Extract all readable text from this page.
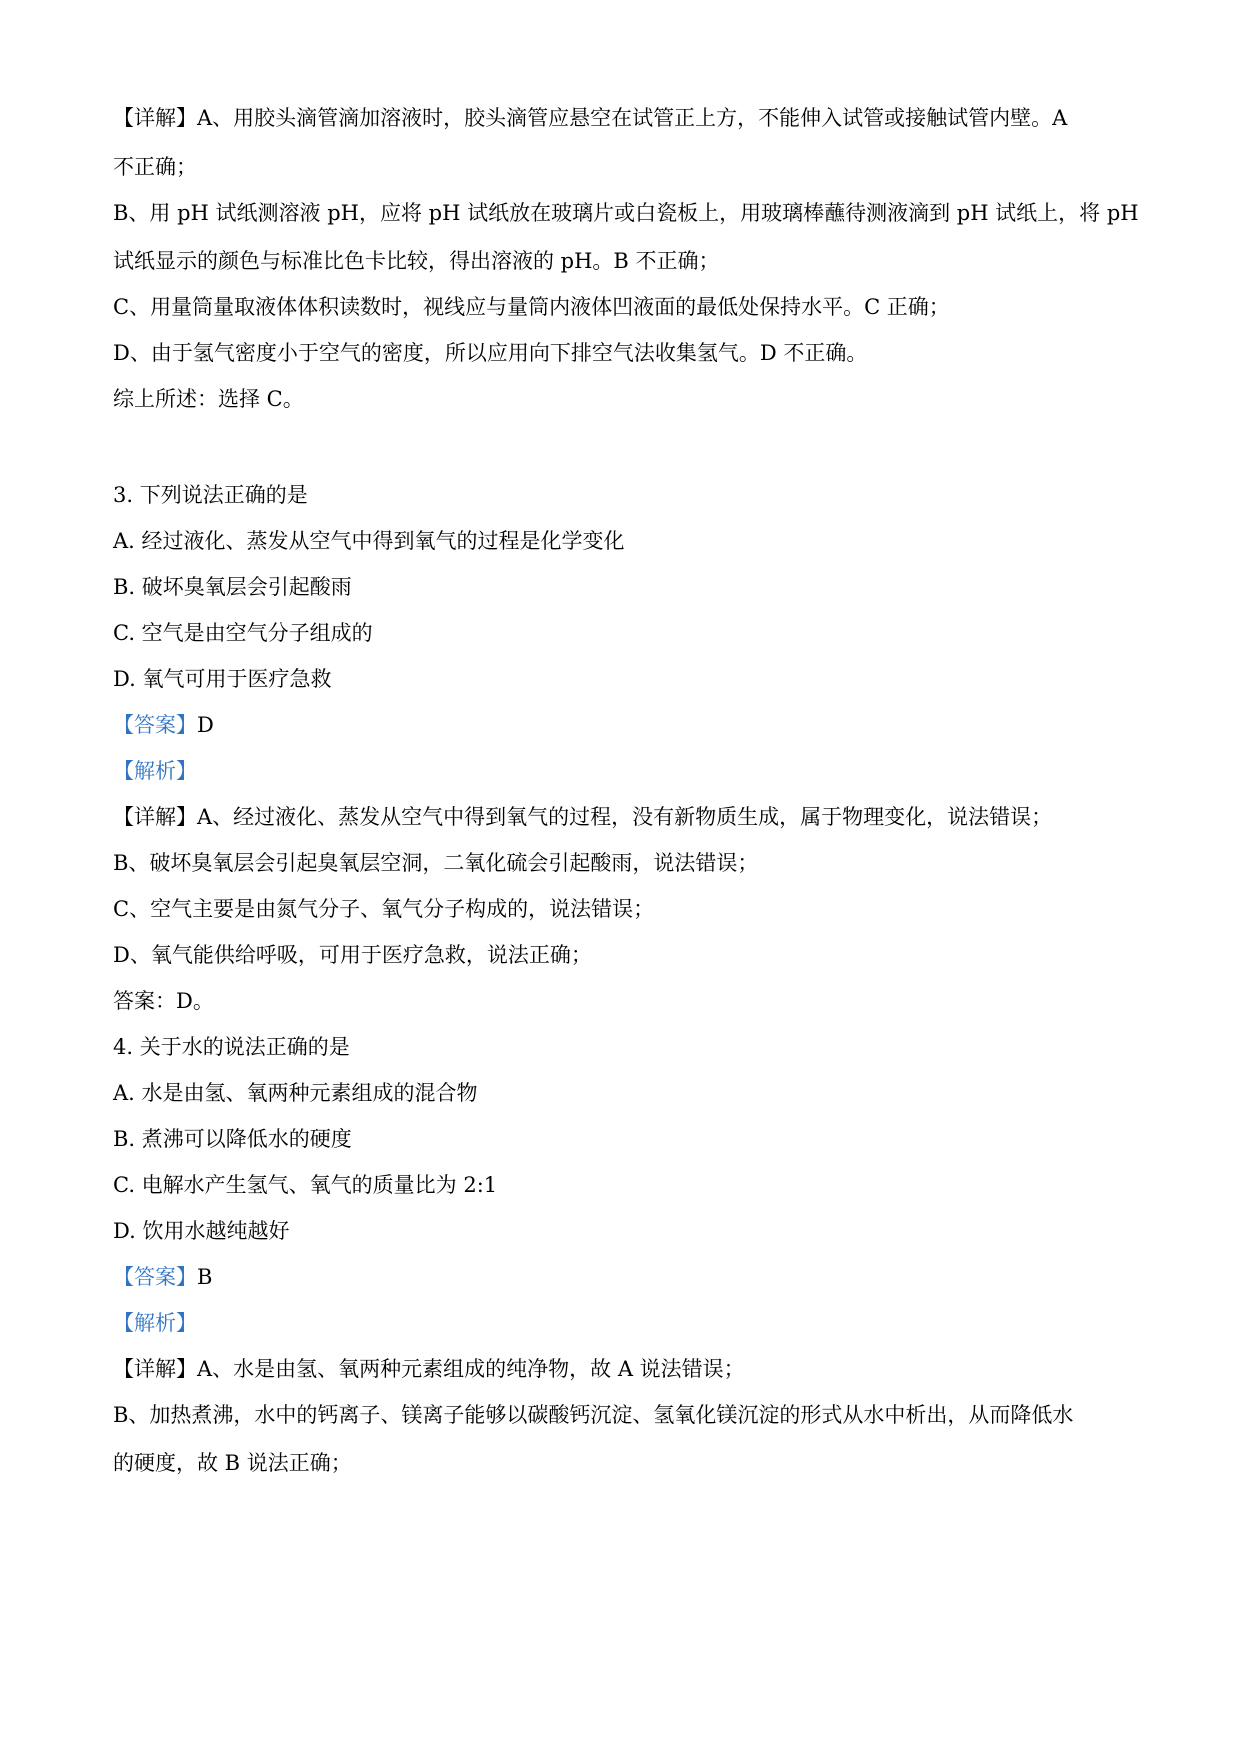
【详解】A、用胶头滴管滴加溶液时，胶头滴管应悬空在试管正上方，不能伸入试管或接触试管内壁。A
不正确；
B、用 pH 试纸测溶液 pH，应将 pH 试纸放在玻璃片或白瓷板上，用玻璃棒蘸待测液滴到 pH 试纸上，将 pH
试纸显示的颜色与标准比色卡比较，得出溶液的 pH。B 不正确；
C、用量筒量取液体体积读数时，视线应与量筒内液体凹液面的最低处保持水平。C 正确；
D、由于氢气密度小于空气的密度，所以应用向下排空气法收集氢气。D 不正确。
综上所述：选择 C。
3. 下列说法正确的是
A. 经过液化、蒸发从空气中得到氧气的过程是化学变化
B. 破坏臭氧层会引起酸雨
C. 空气是由空气分子组成的
D. 氧气可用于医疗急救
【答案】D
【解析】
【详解】A、经过液化、蒸发从空气中得到氧气的过程，没有新物质生成，属于物理变化，说法错误；
B、破坏臭氧层会引起臭氧层空洞，二氧化硫会引起酸雨，说法错误；
C、空气主要是由氮气分子、氧气分子构成的，说法错误；
D、氧气能供给呼吸，可用于医疗急救，说法正确；
答案：D。
4. 关于水的说法正确的是
A. 水是由氢、氧两种元素组成的混合物
B. 煮沸可以降低水的硬度
C. 电解水产生氢气、氧气的质量比为 2:1
D. 饮用水越纯越好
【答案】B
【解析】
【详解】A、水是由氢、氧两种元素组成的纯净物，故 A 说法错误；
B、加热煮沸，水中的钙离子、镁离子能够以碳酸钙沉淀、氢氧化镁沉淀的形式从水中析出，从而降低水
的硬度，故 B 说法正确；
